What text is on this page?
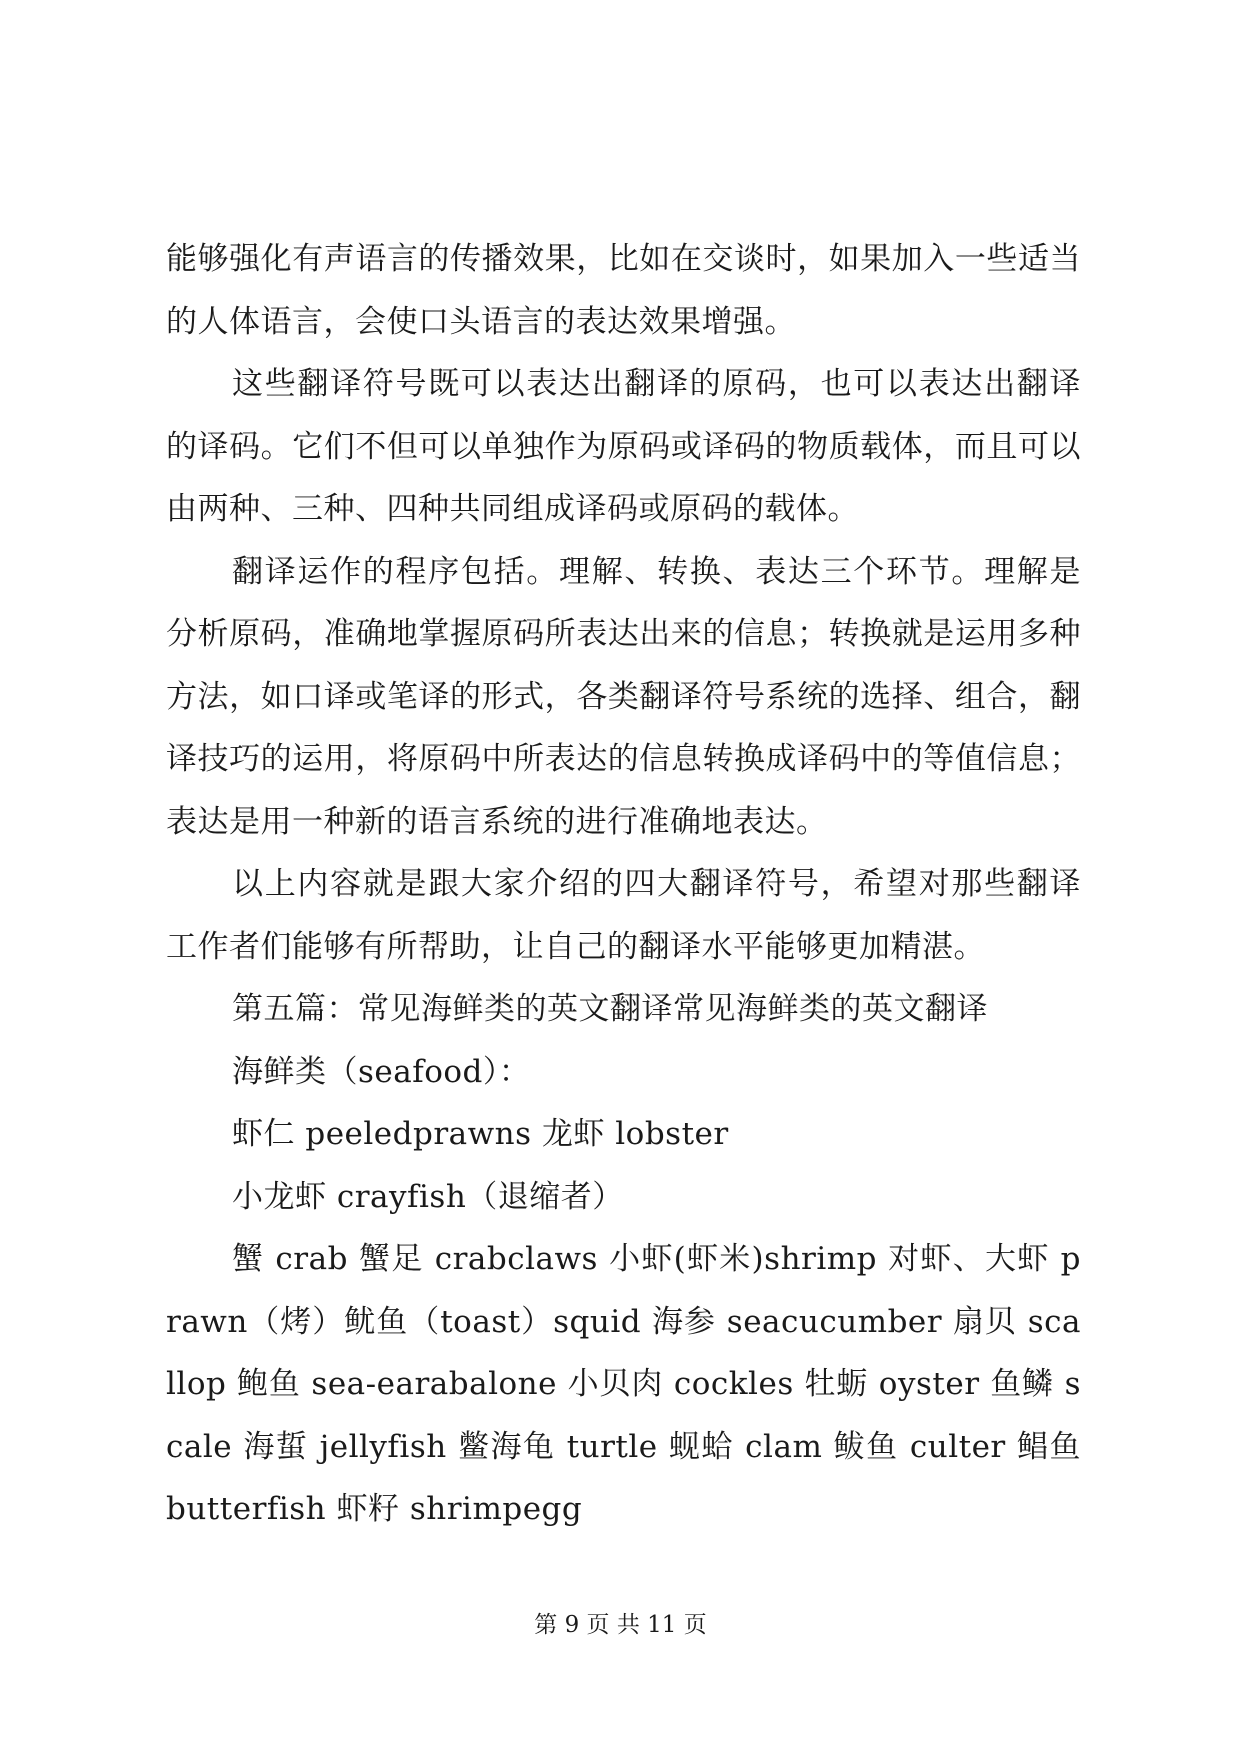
能够强化有声语言的传播效果，比如在交谈时，如果加入一些适当的人体语言，会使口头语言的表达效果增强。

这些翻译符号既可以表达出翻译的原码，也可以表达出翻译的译码。它们不但可以单独作为原码或译码的物质载体，而且可以由两种、三种、四种共同组成译码或原码的载体。

翻译运作的程序包括。理解、转换、表达三个环节。理解是分析原码，准确地掌握原码所表达出来的信息；转换就是运用多种方法，如口译或笔译的形式，各类翻译符号系统的选择、组合，翻译技巧的运用，将原码中所表达的信息转换成译码中的等值信息；表达是用一种新的语言系统的进行准确地表达。

以上内容就是跟大家介绍的四大翻译符号，希望对那些翻译工作者们能够有所帮助，让自己的翻译水平能够更加精湛。

第五篇：常见海鲜类的英文翻译常见海鲜类的英文翻译

海鲜类（seafood）：

虾仁 peeledprawns 龙虾 lobster

小龙虾 crayfish（退缩者）

蟹 crab 蟹足 crabclaws 小虾(虾米)shrimp 对虾、大虾 prawn（烤）鱿鱼（toast）squid 海参 seacucumber 扇贝 scallop 鲍鱼 sea-earabalone 小贝肉 cockles 牡蛎 oyster 鱼鳞 scale 海蜇 jellyfish 鳖海龟 turtle 蚬蛤 clam 鲅鱼 culter 鲳鱼 butterfish 虾籽 shrimpegg

第 9 页 共 11 页
